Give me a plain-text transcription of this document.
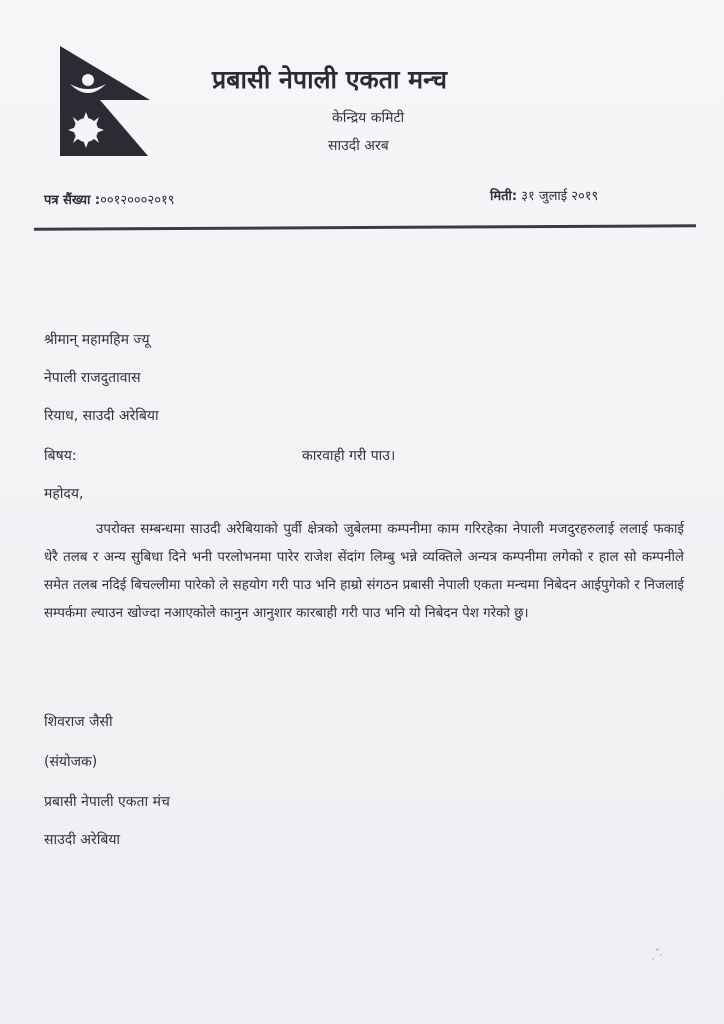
प्रबासी नेपाली एकता मन्च
केन्द्रिय कमिटी
साउदी अरब
पत्र सैंख्या :००१२०००२०१९	मिती: ३१ जुलाई २०१९
श्रीमान् महामहिम ज्यू
नेपाली राजदुतावास
रियाध, साउदी अरेबिया
बिषय:	कारवाही गरी पाउ।
महोदय,
उपरोक्त सम्बन्धमा साउदी अरेबियाको पुर्वी क्षेत्रको जुबेलमा कम्पनीमा काम गरिरहेका नेपाली मजदुरहरुलाई ललाई फकाई धेरै तलब र अन्य सुबिधा दिने भनी परलोभनमा पारेर राजेश सेंदांग लिम्बु भन्ने व्यक्तिले अन्यत्र कम्पनीमा लगेको र हाल सो कम्पनीले समेत तलब नदिई बिचल्लीमा पारेको ले सहयोग गरी पाउ भनि हाम्रो संगठन प्रबासी नेपाली एकता मन्चमा निबेदन आईपुगेको र निजलाई सम्पर्कमा ल्याउन खोज्दा नआएकोले कानुन आनुशार कारबाही गरी पाउ भनि यो निबेदन पेश गरेको छु।
शिवराज जैसी
(संयोजक)
प्रबासी नेपाली एकता मंच
साउदी अरेबिया
